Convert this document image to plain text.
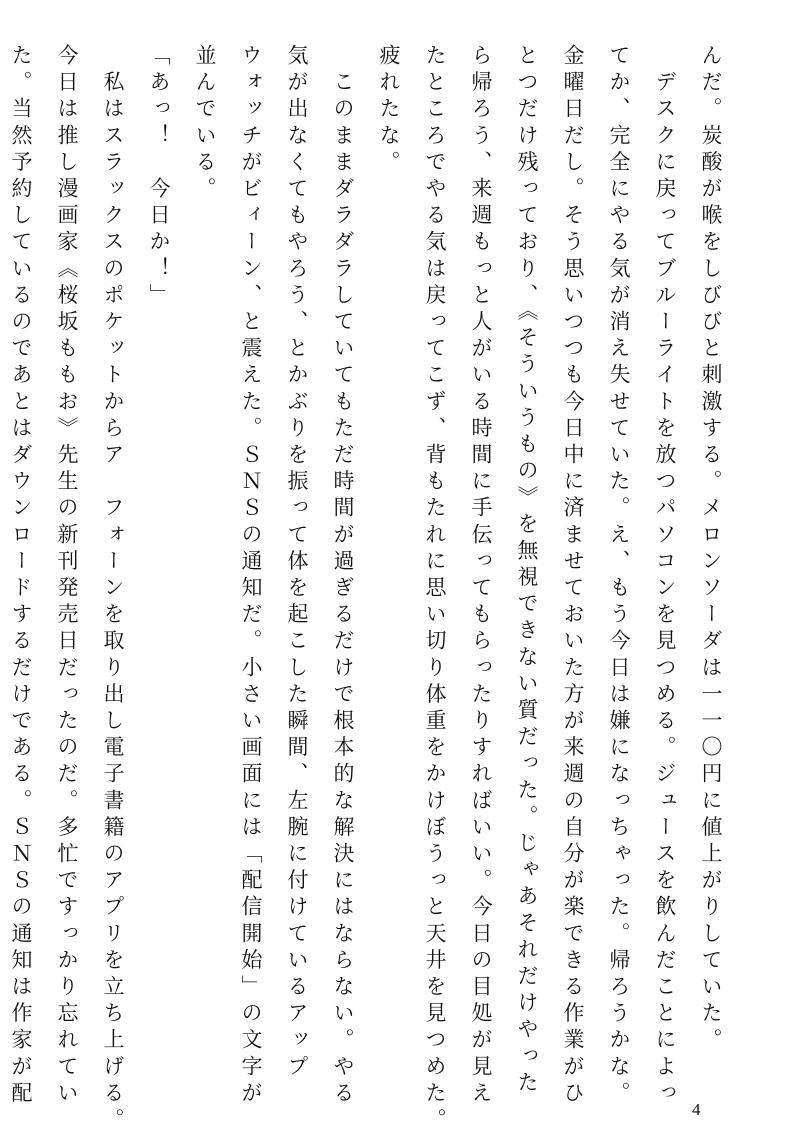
んだ。炭酸が喉をしびびと刺激する。メロンソーダは一一〇円に値上がりしていた。
　デスクに戻ってブルーライトを放つパソコンを見つめる。ジュースを飲んだことによっ
てか、完全にやる気が消え失せていた。え、もう今日は嫌になっちゃった。帰ろうかな。
金曜日だし。そう思いつつも今日中に済ませておいた方が来週の自分が楽できる作業がひ
とつだけ残っており、《そういうもの》を無視できない質だった。じゃあそれだけやった
ら帰ろう、来週もっと人がいる時間に手伝ってもらったりすればいい。今日の目処が見え
たところでやる気は戻ってこず、背もたれに思い切り体重をかけぼうっと天井を見つめた。
疲れたな。
　このままダラダラしていてもただ時間が過ぎるだけで根本的な解決にはならない。やる
気が出なくてもやろう、とかぶりを振って体を起こした瞬間、左腕に付けているアップ
ウォッチがビィーン、と震えた。ＳＮＳの通知だ。小さい画面には「配信開始」の文字が
並んでいる。
「あっ！　今日か！」
　私はスラックスのポケットからア　フォーンを取り出し電子書籍のアプリを立ち上げる。
今日は推し漫画家《桜坂ももお》先生の新刊発売日だったのだ。多忙ですっかり忘れてい
た。当然予約しているのであとはダウンロードするだけである。ＳＮＳの通知は作家が配
4
